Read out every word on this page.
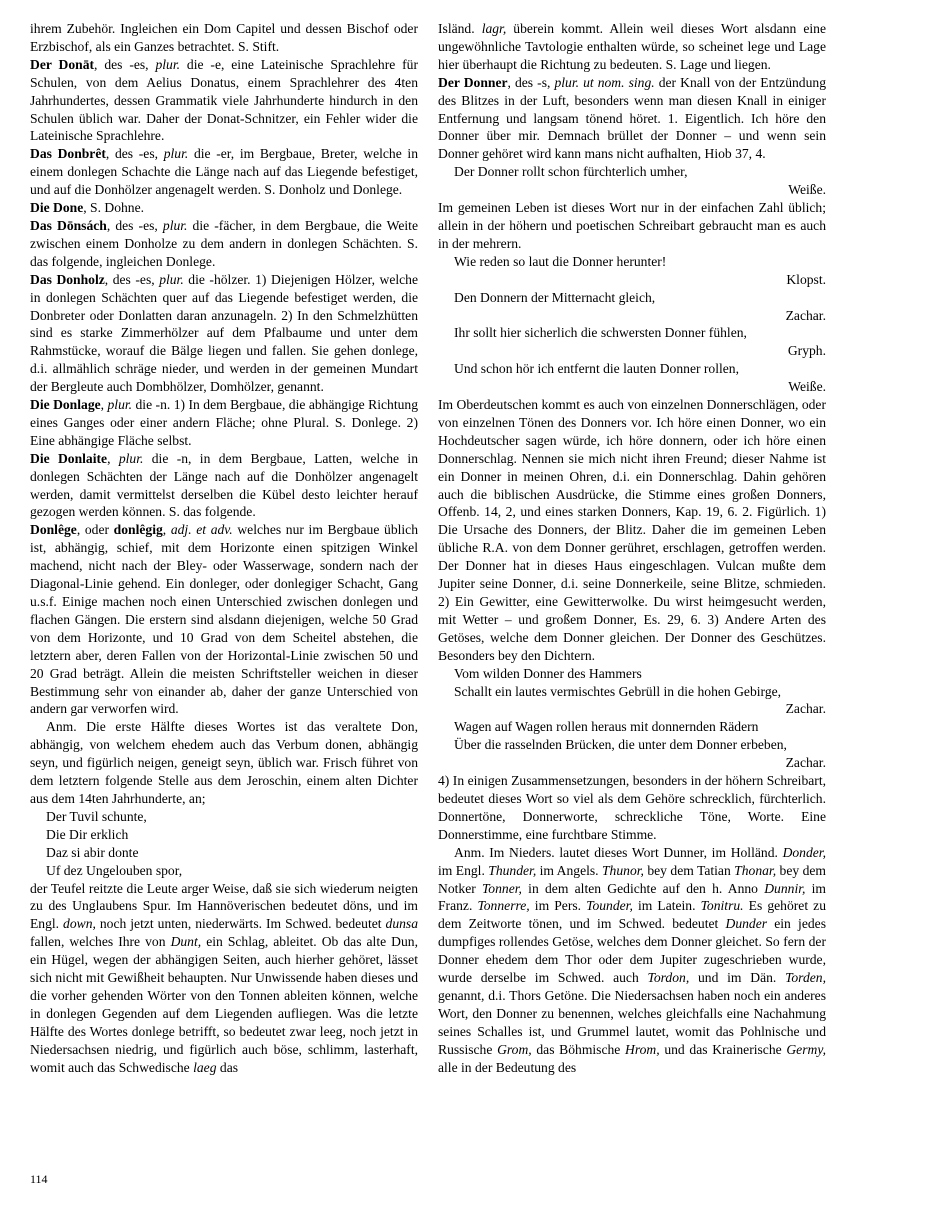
ihrem Zubehör. Ingleichen ein Dom Capitel und dessen Bischof oder Erzbischof, als ein Ganzes betrachtet. S. Stift.

Der Donāt, des -es, plur. die -e, eine Lateinische Sprachlehre für Schulen, von dem Aelius Donatus, einem Sprachlehrer des 4ten Jahrhundertes, dessen Grammatik viele Jahrhunderte hindurch in den Schulen üblich war. Daher der Donat-Schnitzer, ein Fehler wider die Lateinische Sprachlehre.

Das Donbrêt, des -es, plur. die -er, im Bergbaue, Breter, welche in einem donlegen Schachte die Länge nach auf das Liegende befestiget, und auf die Donhölzer angenagelt werden. S. Donholz und Donlege.

Die Done, S. Dohne.

Das Dōnsách, des -es, plur. die -fächer, in dem Bergbaue, die Weite zwischen einem Donholze zu dem andern in donlegen Schächten. S. das folgende, ingleichen Donlege.

Das Donholz, des -es, plur. die -hölzer. 1) Diejenigen Hölzer, welche in donlegen Schächten quer auf das Liegende befestiget werden, die Donbreter oder Donlatten daran anzunageln. 2) In den Schmelzhütten sind es starke Zimmerhölzer auf dem Pfalbaume und unter dem Rahmstücke, worauf die Bälge liegen und fallen. Sie gehen donlege, d.i. allmählich schräge nieder, und werden in der gemeinen Mundart der Bergleute auch Dombhölzer, Domhölzer, genannt.

Die Donlage, plur. die -n. 1) In dem Bergbaue, die abhängige Richtung eines Ganges oder einer andern Fläche; ohne Plural. S. Donlege. 2) Eine abhängige Fläche selbst.

Die Donlaite, plur. die -n, in dem Bergbaue, Latten, welche in donlegen Schächten der Länge nach auf die Donhölzer angenagelt werden, damit vermittelst derselben die Kübel desto leichter herauf gezogen werden können. S. das folgende.

Donlêge, oder donlêgig, adj. et adv. welches nur im Bergbaue üblich ist, abhängig, schief, mit dem Horizonte einen spitzigen Winkel machend, nicht nach der Bley- oder Wasserwage, sondern nach der Diagonal-Linie gehend. Ein donleger, oder donlegiger Schacht, Gang u.s.f. Einige machen noch einen Unterschied zwischen donlegen und flachen Gängen. Die erstern sind alsdann diejenigen, welche 50 Grad von dem Horizonte, und 10 Grad von dem Scheitel abstehen, die letztern aber, deren Fallen von der Horizontal-Linie zwischen 50 und 20 Grad beträgt. Allein die meisten Schriftsteller weichen in dieser Bestimmung sehr von einander ab, daher der ganze Unterschied von andern gar verworfen wird.

Anm. Die erste Hälfte dieses Wortes ist das veraltete Don, abhängig, von welchem ehedem auch das Verbum donen, abhängig seyn, und figürlich neigen, geneigt seyn, üblich war. Frisch führet von dem letztern folgende Stelle aus dem Jeroschin, einem alten Dichter aus dem 14ten Jahrhunderte, an;

Der Tuvil schunte,

Die Dir erklich

Daz si abir donte

Uf dez Ungelouben spor,

der Teufel reitzte die Leute arger Weise, daß sie sich wiederum neigten zu des Unglaubens Spur. Im Hannöverischen bedeutet döns, und im Engl. down, noch jetzt unten, niederwärts. Im Schwed. bedeutet dunsa fallen, welches Ihre von Dunt, ein Schlag, ableitet. Ob das alte Dun, ein Hügel, wegen der abhängigen Seiten, auch hierher gehöret, lässet sich nicht mit Gewißheit behaupten. Nur Unwissende haben dieses und die vorher gehenden Wörter von den Tonnen ableiten können, welche in donlegen Gegenden auf dem Liegenden aufliegen. Was die letzte Hälfte des Wortes donlege betrifft, so bedeutet zwar leeg, noch jetzt in Niedersachsen niedrig, und figürlich auch böse, schlimm, lasterhaft, womit auch das Schwedische laeg das

Isländ. lagr, überein kommt. Allein weil dieses Wort alsdann eine ungewöhnliche Tavtologie enthalten würde, so scheinet lege und Lage hier überhaupt die Richtung zu bedeuten. S. Lage und liegen.

Der Donner, des -s, plur. ut nom. sing. der Knall von der Entzündung des Blitzes in der Luft, besonders wenn man diesen Knall in einiger Entfernung und langsam tönend höret. 1. Eigentlich. Ich höre den Donner über mir. Demnach brüllet der Donner – und wenn sein Donner gehöret wird kann mans nicht aufhalten, Hiob 37, 4.

Der Donner rollt schon fürchterlich umher,

Weiße.

Im gemeinen Leben ist dieses Wort nur in der einfachen Zahl üblich; allein in der höhern und poetischen Schreibart gebraucht man es auch in der mehrern.

Wie reden so laut die Donner herunter!

Klopst.

Den Donnern der Mitternacht gleich,

Zachar.

Ihr sollt hier sicherlich die schwersten Donner fühlen,

Gryph.

Und schon hör ich entfernt die lauten Donner rollen,

Weiße.

Im Oberdeutschen kommt es auch von einzelnen Donnerschlägen, oder von einzelnen Tönen des Donners vor. Ich höre einen Donner, wo ein Hochdeutscher sagen würde, ich höre donnern, oder ich höre einen Donnerschlag. Nennen sie mich nicht ihren Freund; dieser Nahme ist ein Donner in meinen Ohren, d.i. ein Donnerschlag. Dahin gehören auch die biblischen Ausdrücke, die Stimme eines großen Donners, Offenb. 14, 2, und eines starken Donners, Kap. 19, 6. 2. Figürlich. 1) Die Ursache des Donners, der Blitz. Daher die im gemeinen Leben übliche R.A. von dem Donner gerühret, erschlagen, getroffen werden. Der Donner hat in dieses Haus eingeschlagen. Vulcan mußte dem Jupiter seine Donner, d.i. seine Donnerkeile, seine Blitze, schmieden. 2) Ein Gewitter, eine Gewitterwolke. Du wirst heimgesucht werden, mit Wetter – und großem Donner, Es. 29, 6. 3) Andere Arten des Getöses, welche dem Donner gleichen. Der Donner des Geschützes. Besonders bey den Dichtern.

Vom wilden Donner des Hammers

Schallt ein lautes vermischtes Gebrüll in die hohen Gebirge,

Zachar.

Wagen auf Wagen rollen heraus mit donnernden Rädern

Über die rasselnden Brücken, die unter dem Donner erbeben,

Zachar.

4) In einigen Zusammensetzungen, besonders in der höhern Schreibart, bedeutet dieses Wort so viel als dem Gehöre schrecklich, fürchterlich. Donnertöne, Donnerworte, schreckliche Töne, Worte. Eine Donnerstimme, eine furchtbare Stimme.

Anm. Im Nieders. lautet dieses Wort Dunner, im Holländ. Donder, im Engl. Thunder, im Angels. Thunor, bey dem Tatian Thonar, bey dem Notker Tonner, in dem alten Gedichte auf den h. Anno Dunnir, im Franz. Tonnerre, im Pers. Tounder, im Latein. Tonitru. Es gehöret zu dem Zeitworte tönen, und im Schwed. bedeutet Dunder ein jedes dumpfiges rollendes Getöse, welches dem Donner gleichet. So fern der Donner ehedem dem Thor oder dem Jupiter zugeschrieben wurde, wurde derselbe im Schwed. auch Tordon, und im Dän. Torden, genannt, d.i. Thors Getöne. Die Niedersachsen haben noch ein anderes Wort, den Donner zu benennen, welches gleichfalls eine Nachahmung seines Schalles ist, und Grummel lautet, womit das Pohlnische und Russische Grom, das Böhmische Hrom, und das Krainerische Germy, alle in der Bedeutung des

114
